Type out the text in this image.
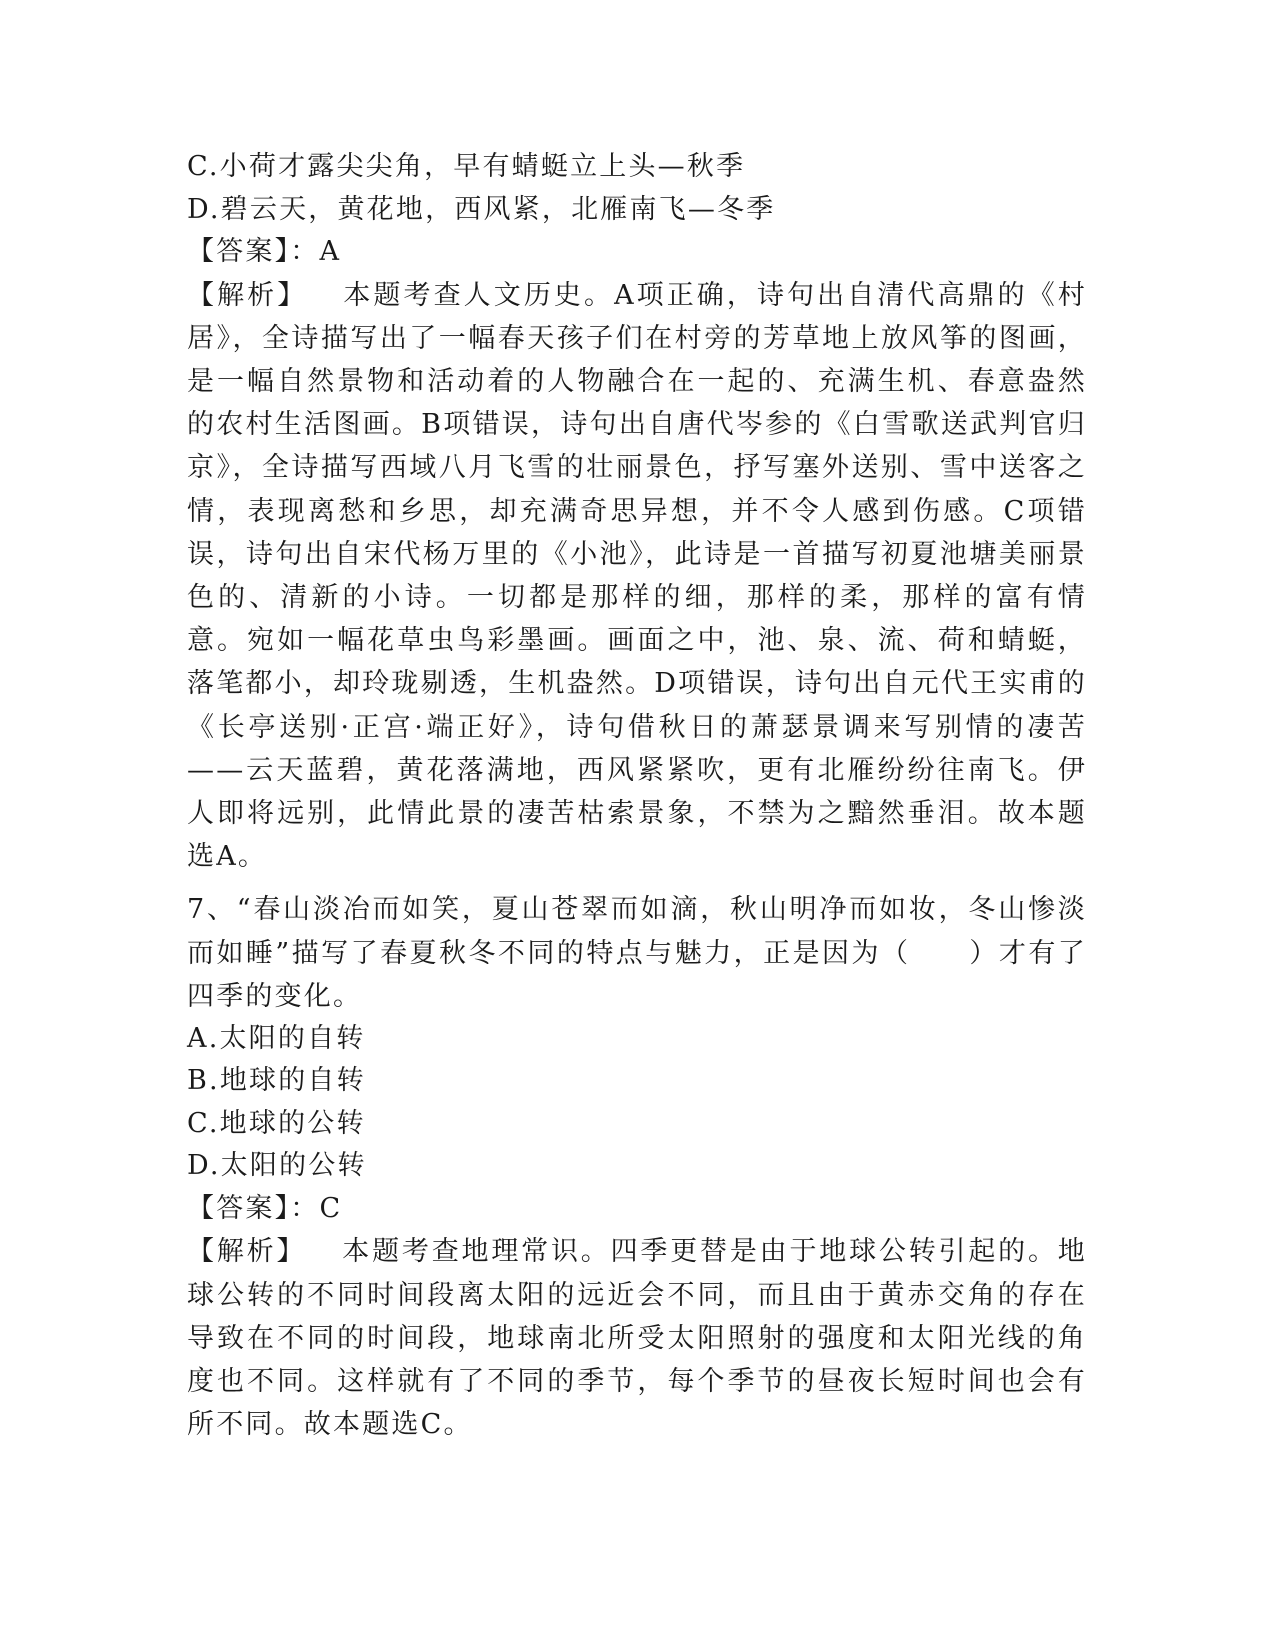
C.小荷才露尖尖角，早有蜻蜓立上头—秋季
D.碧云天，黄花地，西风紧，北雁南飞—冬季
【答案】：A
【解析】 本题考查人文历史。A项正确，诗句出自清代高鼎的《村居》，全诗描写出了一幅春天孩子们在村旁的芳草地上放风筝的图画，是一幅自然景物和活动着的人物融合在一起的、充满生机、春意盎然的农村生活图画。B项错误，诗句出自唐代岑参的《白雪歌送武判官归京》，全诗描写西域八月飞雪的壮丽景色，抒写塞外送别、雪中送客之情，表现离愁和乡思，却充满奇思异想，并不令人感到伤感。C项错误，诗句出自宋代杨万里的《小池》，此诗是一首描写初夏池塘美丽景色的、清新的小诗。一切都是那样的细，那样的柔，那样的富有情意。宛如一幅花草虫鸟彩墨画。画面之中，池、泉、流、荷和蜻蜓，落笔都小，却玲珑剔透，生机盎然。D项错误，诗句出自元代王实甫的《长亭送别·正宫·端正好》，诗句借秋日的萧瑟景调来写别情的凄苦——云天蓝碧，黄花落满地，西风紧紧吹，更有北雁纷纷往南飞。伊人即将远别，此情此景的凄苦枯索景象，不禁为之黯然垂泪。故本题选A。
7、“春山淡冶而如笑，夏山苍翠而如滴，秋山明净而如妆，冬山惨淡而如睡”描写了春夏秋冬不同的特点与魅力，正是因为（　　）才有了四季的变化。
A.太阳的自转
B.地球的自转
C.地球的公转
D.太阳的公转
【答案】：C
【解析】 本题考查地理常识。四季更替是由于地球公转引起的。地球公转的不同时间段离太阳的远近会不同，而且由于黄赤交角的存在导致在不同的时间段，地球南北所受太阳照射的强度和太阳光线的角度也不同。这样就有了不同的季节，每个季节的昼夜长短时间也会有所不同。故本题选C。
